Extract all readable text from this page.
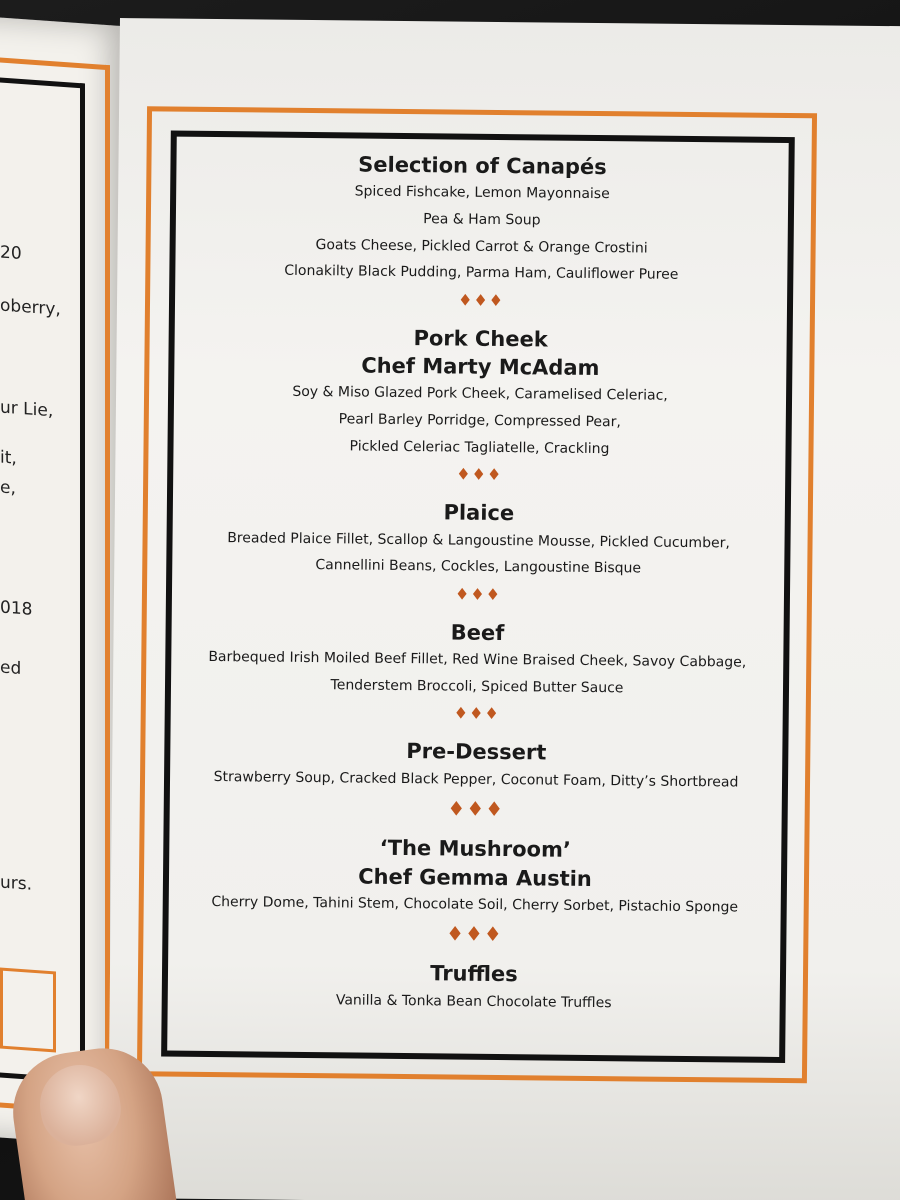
20
oberry,
ur Lie,
it,
e,
018
ed
urs.

Selection of Canapés

Spiced Fishcake, Lemon Mayonnaise

Pea & Ham Soup

Goats Cheese, Pickled Carrot & Orange Crostini

Clonakilty Black Pudding, Parma Ham, Cauliflower Puree

♦♦♦

Pork Cheek

Chef Marty McAdam

Soy & Miso Glazed Pork Cheek, Caramelised Celeriac,

Pearl Barley Porridge, Compressed Pear,

Pickled Celeriac Tagliatelle, Crackling

♦♦♦

Plaice

Breaded Plaice Fillet, Scallop & Langoustine Mousse, Pickled Cucumber,

Cannellini Beans, Cockles, Langoustine Bisque

♦♦♦

Beef

Barbequed Irish Moiled Beef Fillet, Red Wine Braised Cheek, Savoy Cabbage,

Tenderstem Broccoli, Spiced Butter Sauce

♦♦♦

Pre-Dessert

Strawberry Soup, Cracked Black Pepper, Coconut Foam, Ditty’s Shortbread

♦♦♦

‘The Mushroom’

Chef Gemma Austin

Cherry Dome, Tahini Stem, Chocolate Soil, Cherry Sorbet, Pistachio Sponge

♦♦♦

Truffles

Vanilla & Tonka Bean Chocolate Truffles
